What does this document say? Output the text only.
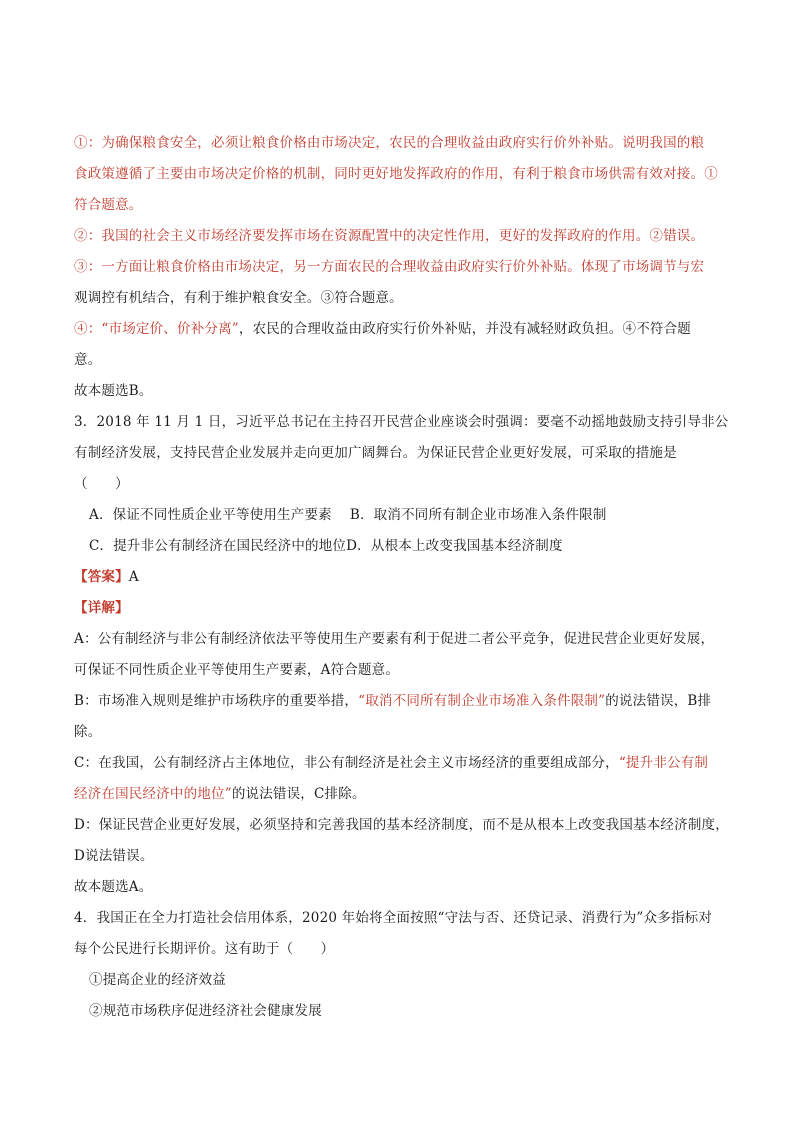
①：为确保粮食安全，必须让粮食价格由市场决定，农民的合理收益由政府实行价外补贴。说明我国的粮
食政策遵循了主要由市场决定价格的机制，同时更好地发挥政府的作用，有利于粮食市场供需有效对接。①
符合题意。
②：我国的社会主义市场经济要发挥市场在资源配置中的决定性作用，更好的发挥政府的作用。②错误。
③：一方面让粮食价格由市场决定，另一方面农民的合理收益由政府实行价外补贴。体现了市场调节与宏
观调控有机结合，有利于维护粮食安全。③符合题意。
④：“市场定价、价补分离”，农民的合理收益由政府实行价外补贴，并没有减轻财政负担。④不符合题
意。
故本题选B。
3．2018 年 11 月 1 日，习近平总书记在主持召开民营企业座谈会时强调：要毫不动摇地鼓励支持引导非公
有制经济发展，支持民营企业发展并走向更加广阔舞台。为保证民营企业更好发展，可采取的措施是
（　　）
A．保证不同性质企业平等使用生产要素 B．取消不同所有制企业市场准入条件限制
C．提升非公有制经济在国民经济中的地位D．从根本上改变我国基本经济制度
【答案】A
【详解】
A：公有制经济与非公有制经济依法平等使用生产要素有利于促进二者公平竞争，促进民营企业更好发展，
可保证不同性质企业平等使用生产要素，A符合题意。
B：市场准入规则是维护市场秩序的重要举措，“取消不同所有制企业市场准入条件限制”的说法错误，B排
除。
C：在我国，公有制经济占主体地位，非公有制经济是社会主义市场经济的重要组成部分，“提升非公有制
经济在国民经济中的地位”的说法错误，C排除。
D：保证民营企业更好发展，必须坚持和完善我国的基本经济制度，而不是从根本上改变我国基本经济制度，
D说法错误。
故本题选A。
4．我国正在全力打造社会信用体系，2020 年始将全面按照“守法与否、还贷记录、消费行为”众多指标对
每个公民进行长期评价。这有助于（　　）
①提高企业的经济效益
②规范市场秩序促进经济社会健康发展
